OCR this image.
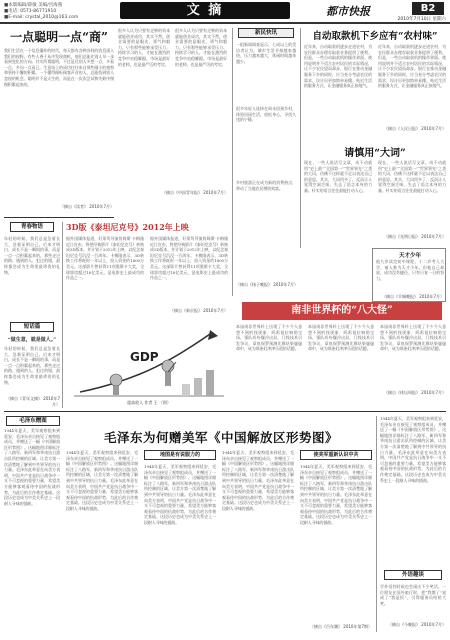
■本版编辑/薛敏 美编/宫海燕
■电话: 0571-86771910
■E-mail: crystal_2010@163.com	文 摘	都市快报	B2
2010年7月10日 星期六
一点聪明一点“商”
我们生活在一个信息爆炸的时代，每天都有各种各样的消息涌入我们的视野。有些人善于从中发现商机，他们总能比别人早一步看到变化的方向。其实所谓聪明，不过是比别人多想一点，多看一点，多问一点而已。生意场上的成功往往来自那些细小的观察和坚持不懈的积累。一个懂得倾听顾客声音的人，总能找到别人忽视的机会。聪明并不是天生的，而是在一次次尝试和失败中慢慢积累起来的。
（摘自《读者》 2010年7月）
很多人认为只要有足够的资本就能创业成功，其实不然。创业需要的是眼光、勇气和毅力。只有那些能够承受压力、持续学习的人，才能在激烈的竞争中站稳脚跟。市场是最好的老师，也是最严厉的考官。
很多人认为只要有足够的资本就能创业成功，其实不然。创业需要的是眼光、勇气和毅力。只有那些能够承受压力、持续学习的人，才能在激烈的竞争中站稳脚跟。市场是最好的老师，也是最严厉的考官。
（摘自《中国青年报》 2010年7月）
新民快讯
一组新闻调查显示，七成以上的受访者认为，城市生活节奏越来越快，压力越来越大，休闲时间越来越少。
很多年轻人选择在周末回到乡村，体验田园生活，放松身心，寻找久违的宁静。
乡村旅游正在成为新的消费热点，带动了当地农民增收致富。
（摘自《扬子晚报》 2010年7月）
自动取款机下乡应有“农村味”
近年来，自动取款机逐步走进农村，为农民群众办理存取款业务提供了便利。但是，一些自动取款机的操作界面、使用说明并不适合农村居民的实际情况，让不少农民望而却步。银行在推动金融服务下乡的同时，应当充分考虑农民的需求，设计出更加简单易懂、贴近生活的服务方式，让金融服务真正接地气。
近年来，自动取款机逐步走进农村，为农民群众办理存取款业务提供了便利。但是，一些自动取款机的操作界面、使用说明并不适合农村居民的实际情况，让不少农民望而却步。银行在推动金融服务下乡的同时，应当充分考虑农民的需求，设计出更加简单易懂、贴近生活的服务方式，让金融服务真正接地气。
（摘自《人民日报》 2010年7月）
请慎用“大词”
现在，一些人说话写文章，动不动就用“史上最”“全国第一”“世界领先”之类的大词，仿佛不这样就不足以表达自己的意思。其实，大词用多了，反而让人觉得空洞乏味，失去了语言本身的力量。朴实的语言往往最能打动人心。
现在，一些人说话写文章，动不动就用“史上最”“全国第一”“世界领先”之类的大词，仿佛不这样就不足以表达自己的意思。其实，大词用多了，反而让人觉得空洞乏味，失去了语言本身的力量。朴实的语言往往最能打动人心。
（摘自《光明日报》 2010年7月）
青春物语
年轻的时候，我们总是急着长大，急着证明自己。后来才明白，成长不是一瞬间的事，而是一点一点积累起来的。那些走过的路、遇到的人、犯过的错，最终都会成为生命里最珍贵的礼物。
短话篇
“做生意，就是做人。”
年轻的时候，我们总是急着长大，急着证明自己。后来才明白，成长不是一瞬间的事，而是一点一点积累起来的。那些走过的路、遇到的人、犯过的错，最终都会成为生命里最珍贵的礼物。
（摘自《青年文摘》 2010年7月）
3D版《泰坦尼克号》2012年上映
据外国媒体报道，好莱坞导演詹姆斯·卡梅隆近日宣布，将把经典影片《泰坦尼克号》转换成3D版本，并计划于2012年上映，以纪念泰坦尼克号沉没一百周年。卡梅隆表示，3D转换工作将耗时一年以上，投入资金约1800万美元。这部影片曾获得11项奥斯卡大奖，全球票房超过18亿美元，是电影史上最成功的作品之一。
据外国媒体报道，好莱坞导演詹姆斯·卡梅隆近日宣布，将把经典影片《泰坦尼克号》转换成3D版本，并计划于2012年上映，以纪念泰坦尼克号沉没一百周年。卡梅隆表示，3D转换工作将耗时一年以上，投入资金约1800万美元。这部影片曾获得11项奥斯卡大奖，全球票房超过18亿美元，是电影史上最成功的作品之一。
（摘自《新京报》 2010年7月）
GDP
提高收入 作者 王 （图）
天才少年
他九岁读完初中课程，十二岁考入大学，被人称为天才少年。但他自己却说，成功没有捷径，只有日复一日的努力。
（摘自《羊城晚报》 2010年7月）
南非世界杯的“八大怪”
本届南非世界杯上出现了不少令人意想不到的怪现象：呜呜祖拉响彻全场，强队纷纷爆冷出局，门线技术引发争议，章鱼保罗预测比赛结果屡屡命中，成为球迷们津津乐道的话题。
本届南非世界杯上出现了不少令人意想不到的怪现象：呜呜祖拉响彻全场，强队纷纷爆冷出局，门线技术引发争议，章鱼保罗预测比赛结果屡屡命中，成为球迷们津津乐道的话题。
本届南非世界杯上出现了不少令人意想不到的怪现象：呜呜祖拉响彻全场，强队纷纷爆冷出局，门线技术引发争议，章鱼保罗预测比赛结果屡屡命中，成为球迷们津津乐道的话题。
（摘自《体坛周报》 2010年7月）
毛泽东赠图
毛泽东为何赠美军《中国解放区形势图》
1944年夏天，美军观察组来到延安，毛泽东亲自接见了观察组成员，并赠送了一幅《中国解放区形势图》。这幅地图详细标注了八路军、新四军和华南抗日游击队所控制的区域，让美方第一次清楚地了解到中共领导的抗日力量。毛泽东此举意在向美方表明，中国共产党是抗日战争中一支不可忽视的重要力量，希望美方能够客观看待中国的抗战形势，为此后的合作奠定基础。这段历史也成为中美关系史上一段耐人寻味的插曲。
1944年夏天，美军观察组来到延安，毛泽东亲自接见了观察组成员，并赠送了一幅《中国解放区形势图》。这幅地图详细标注了八路军、新四军和华南抗日游击队所控制的区域，让美方第一次清楚地了解到中共领导的抗日力量。毛泽东此举意在向美方表明，中国共产党是抗日战争中一支不可忽视的重要力量，希望美方能够客观看待中国的抗战形势，为此后的合作奠定基础。这段历史也成为中美关系史上一段耐人寻味的插曲。
地图是有说服力的
1944年夏天，美军观察组来到延安，毛泽东亲自接见了观察组成员，并赠送了一幅《中国解放区形势图》。这幅地图详细标注了八路军、新四军和华南抗日游击队所控制的区域，让美方第一次清楚地了解到中共领导的抗日力量。毛泽东此举意在向美方表明，中国共产党是抗日战争中一支不可忽视的重要力量，希望美方能够客观看待中国的抗战形势，为此后的合作奠定基础。这段历史也成为中美关系史上一段耐人寻味的插曲。
1944年夏天，美军观察组来到延安，毛泽东亲自接见了观察组成员，并赠送了一幅《中国解放区形势图》。这幅地图详细标注了八路军、新四军和华南抗日游击队所控制的区域，让美方第一次清楚地了解到中共领导的抗日力量。毛泽东此举意在向美方表明，中国共产党是抗日战争中一支不可忽视的重要力量，希望美方能够客观看待中国的抗战形势，为此后的合作奠定基础。这段历史也成为中美关系史上一段耐人寻味的插曲。
使美军重新认识中共
1944年夏天，美军观察组来到延安，毛泽东亲自接见了观察组成员，并赠送了一幅《中国解放区形势图》。这幅地图详细标注了八路军、新四军和华南抗日游击队所控制的区域，让美方第一次清楚地了解到中共领导的抗日力量。毛泽东此举意在向美方表明，中国共产党是抗日战争中一支不可忽视的重要力量，希望美方能够客观看待中国的抗战形势，为此后的合作奠定基础。这段历史也成为中美关系史上一段耐人寻味的插曲。
（摘自《百年潮》 2010年第7期）
1944年夏天，美军观察组来到延安，毛泽东亲自接见了观察组成员，并赠送了一幅《中国解放区形势图》。这幅地图详细标注了八路军、新四军和华南抗日游击队所控制的区域，让美方第一次清楚地了解到中共领导的抗日力量。毛泽东此举意在向美方表明，中国共产党是抗日战争中一支不可忽视的重要力量，希望美方能够客观看待中国的抗战形势，为此后的合作奠定基础。这段历史也成为中美关系史上一段耐人寻味的插曲。
外语趣谈
学外语有时候也会闹出不少笑话。一位朋友在国外旅行时，把“我饿了”说成了“我是饭”，引得服务员哈哈大笑。
（摘自《今晚报》 2010年7月）
